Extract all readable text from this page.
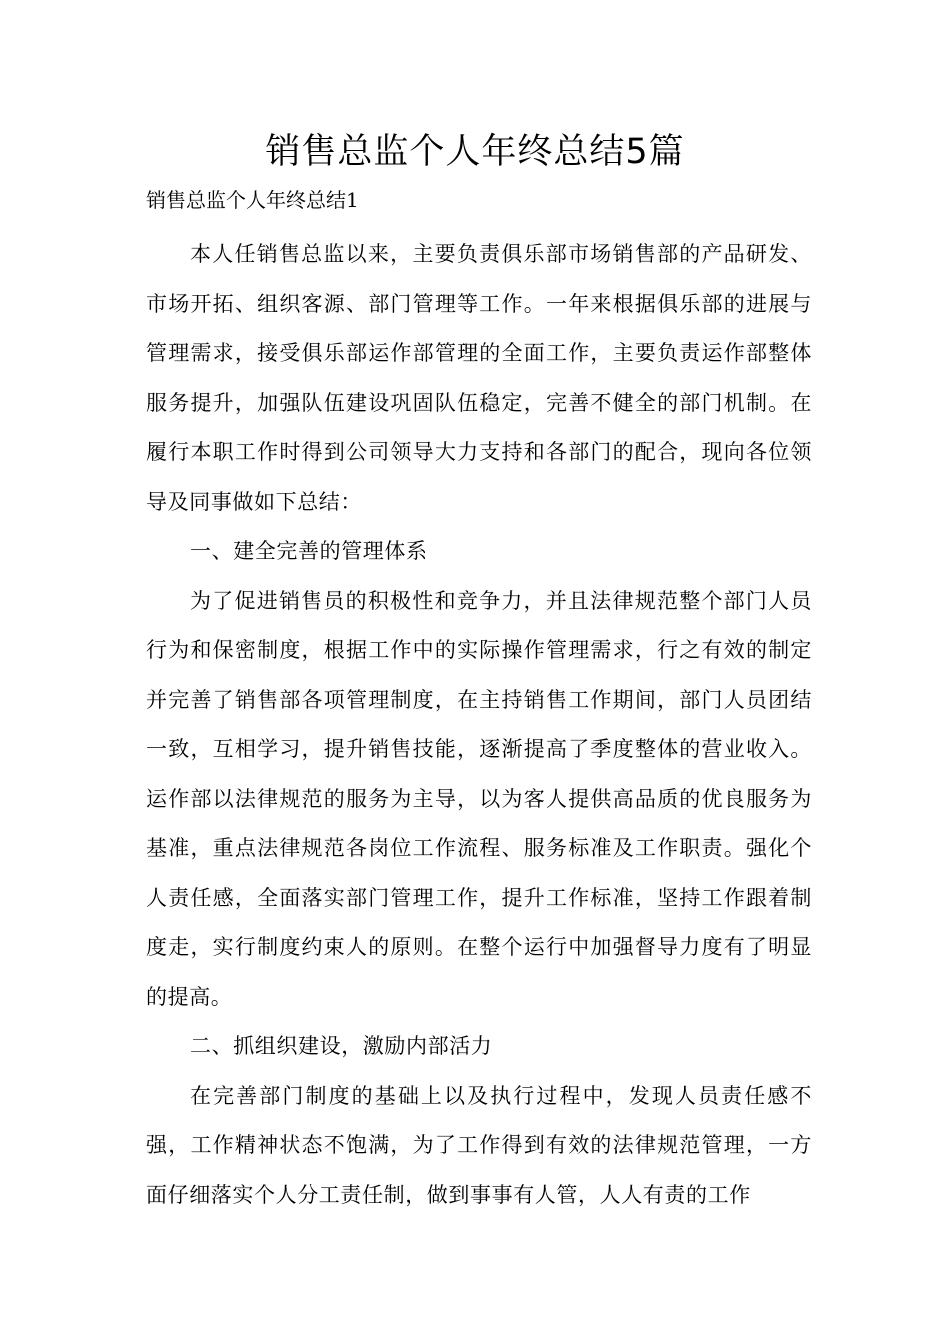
销售总监个人年终总结5篇

销售总监个人年终总结1

本人任销售总监以来，主要负责俱乐部市场销售部的产品研发、市场开拓、组织客源、部门管理等工作。一年来根据俱乐部的进展与管理需求，接受俱乐部运作部管理的全面工作，主要负责运作部整体服务提升，加强队伍建设巩固队伍稳定，完善不健全的部门机制。在履行本职工作时得到公司领导大力支持和各部门的配合，现向各位领导及同事做如下总结：

一、建全完善的管理体系

为了促进销售员的积极性和竞争力，并且法律规范整个部门人员行为和保密制度，根据工作中的实际操作管理需求，行之有效的制定并完善了销售部各项管理制度，在主持销售工作期间，部门人员团结一致，互相学习，提升销售技能，逐渐提高了季度整体的营业收入。运作部以法律规范的服务为主导，以为客人提供高品质的优良服务为基准，重点法律规范各岗位工作流程、服务标准及工作职责。强化个人责任感，全面落实部门管理工作，提升工作标准，坚持工作跟着制度走，实行制度约束人的原则。在整个运行中加强督导力度有了明显的提高。

二、抓组织建设，激励内部活力

在完善部门制度的基础上以及执行过程中，发现人员责任感不强，工作精神状态不饱满，为了工作得到有效的法律规范管理，一方面仔细落实个人分工责任制，做到事事有人管，人人有责的工作
